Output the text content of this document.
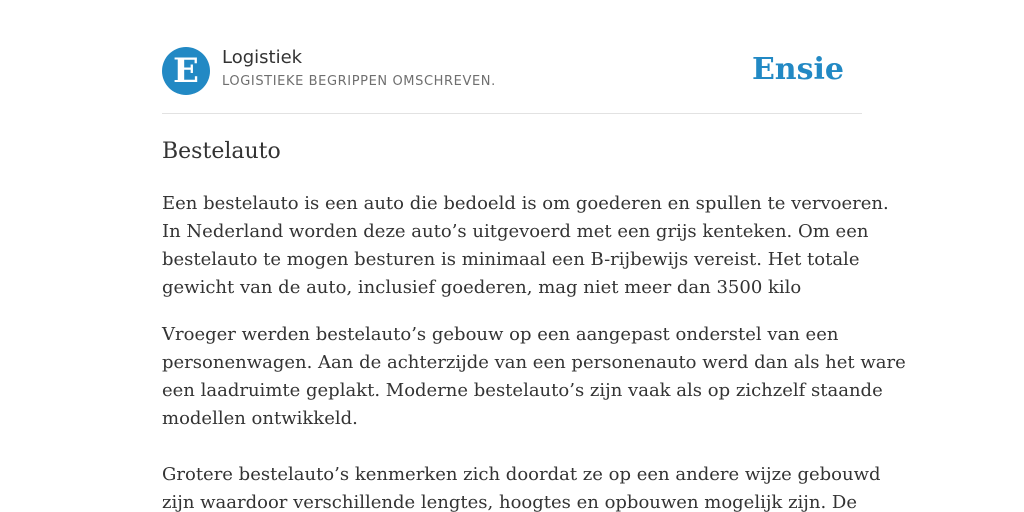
E	Logistiek
LOGISTIEKE BEGRIPPEN OMSCHREVEN.	Ensie
Bestelauto

Een bestelauto is een auto die bedoeld is om goederen en spullen te vervoeren.
In Nederland worden deze auto’s uitgevoerd met een grijs kenteken. Om een
bestelauto te mogen besturen is minimaal een B-rijbewijs vereist. Het totale
gewicht van de auto, inclusief goederen, mag niet meer dan 3500 kilo

Vroeger werden bestelauto’s gebouw op een aangepast onderstel van een
personenwagen. Aan de achterzijde van een personenauto werd dan als het ware
een laadruimte geplakt. Moderne bestelauto’s zijn vaak als op zichzelf staande
modellen ontwikkeld.

Grotere bestelauto’s kenmerken zich doordat ze op een andere wijze gebouwd
zijn waardoor verschillende lengtes, hoogtes en opbouwen mogelijk zijn. De
